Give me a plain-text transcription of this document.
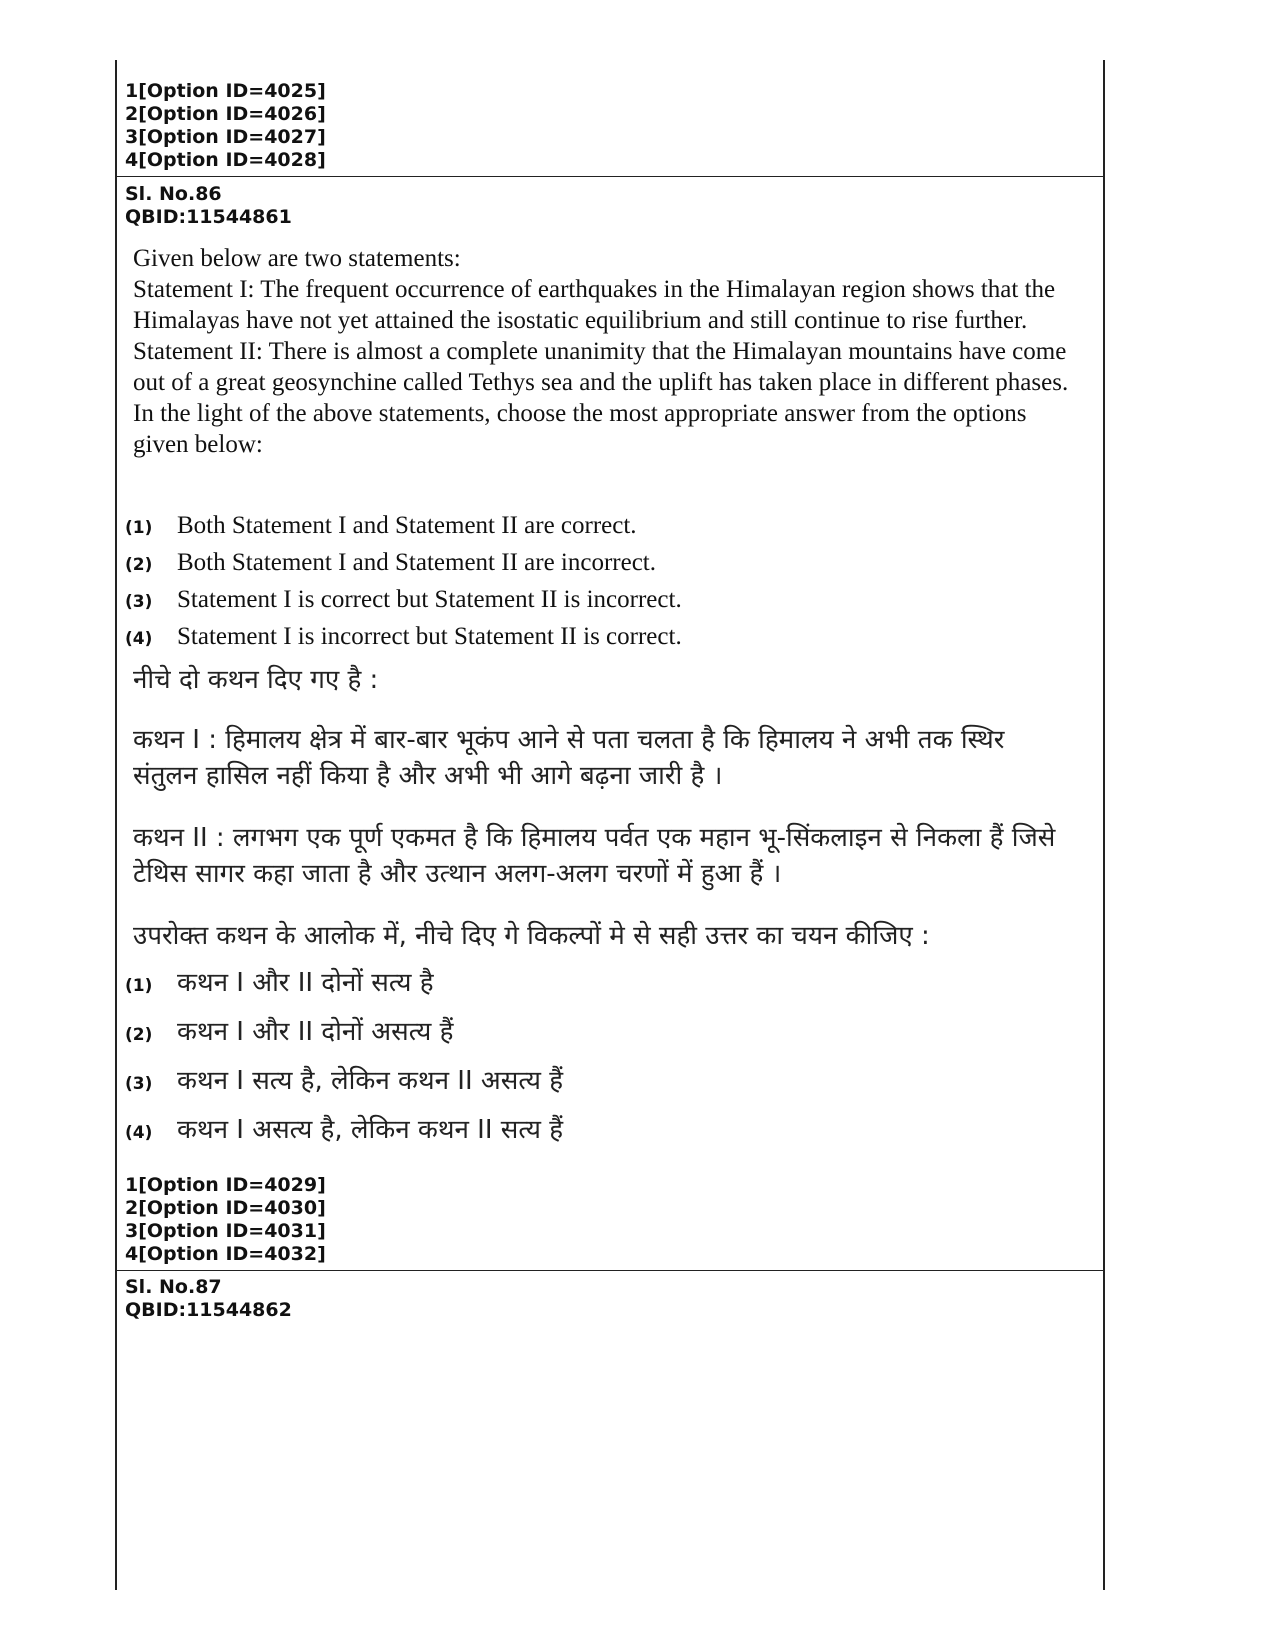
1[Option ID=4025]

2[Option ID=4026]

3[Option ID=4027]

4[Option ID=4028]

Sl. No.86

QBID:11544861

Given below are two statements:

Statement I: The frequent occurrence of earthquakes in the Himalayan region shows that the Himalayas have not yet attained the isostatic equilibrium and still continue to rise further.

Statement II: There is almost a complete unanimity that the Himalayan mountains have come out of a great geosynchine called Tethys sea and the uplift has taken place in different phases.

In the light of the above statements, choose the most appropriate answer from the options given below:

(1) Both Statement I and Statement II are correct.
(2) Both Statement I and Statement II are incorrect.
(3) Statement I is correct but Statement II is incorrect.
(4) Statement I is incorrect but Statement II is correct.

नीचे दो कथन दिए गए है :

कथन I : हिमालय क्षेत्र में बार-बार भूकंप आने से पता चलता है कि हिमालय ने अभी तक स्थिर संतुलन हासिल नहीं किया है और अभी भी आगे बढ़ना जारी है ।

कथन II : लगभग एक पूर्ण एकमत है कि हिमालय पर्वत एक महान भू-सिंकलाइन से निकला हैं जिसे टेथिस सागर कहा जाता है और उत्थान अलग-अलग चरणों में हुआ हैं ।

उपरोक्त कथन के आलोक में, नीचे दिए गे विकल्पों मे से सही उत्तर का चयन कीजिए :

(1) कथन I और II दोनों सत्य है
(2) कथन I और II दोनों असत्य हैं
(3) कथन I सत्य है, लेकिन कथन II असत्य हैं
(4) कथन I असत्य है, लेकिन कथन II सत्य हैं

1[Option ID=4029]

2[Option ID=4030]

3[Option ID=4031]

4[Option ID=4032]

Sl. No.87

QBID:11544862
